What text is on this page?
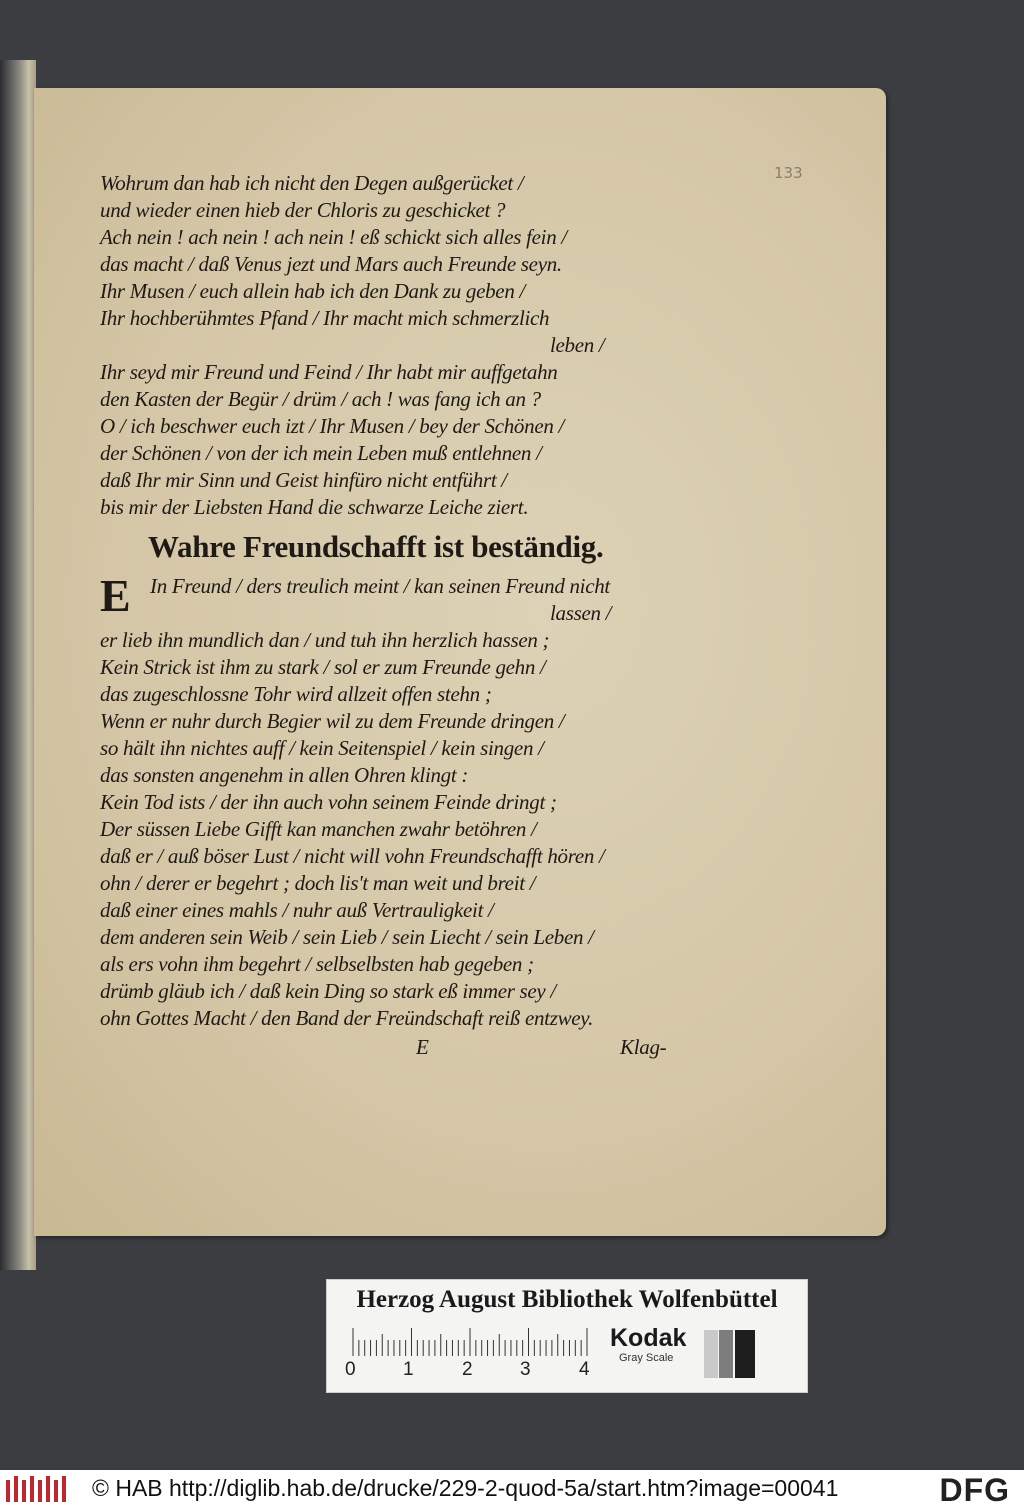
133
Wohrum dan hab ich nicht den Degen außgerücket /
und wieder einen hieb der Chloris zu geschicket ?
Ach nein ! ach nein ! ach nein ! eß schickt sich alles fein /
das macht / daß Venus jezt und Mars auch Freunde seyn.
Ihr Musen / euch allein hab ich den Dank zu geben /
Ihr hochberühmtes Pfand / Ihr macht mich schmerzlich
leben /
Ihr seyd mir Freund und Feind / Ihr habt mir auffgetahn
den Kasten der Begür / drüm / ach ! was fang ich an ?
O / ich beschwer euch izt / Ihr Musen / bey der Schönen /
der Schönen / von der ich mein Leben muß entlehnen /
daß Ihr mir Sinn und Geist hinfüro nicht entführt /
bis mir der Liebsten Hand die schwarze Leiche ziert.
Wahre Freundschafft ist beständig.
E In Freund / ders treulich meint / kan seinen Freund nicht
lassen /
er lieb ihn mundlich dan / und tuh ihn herzlich hassen ;
Kein Strick ist ihm zu stark / sol er zum Freunde gehn /
das zugeschlossne Tohr wird allzeit offen stehn ;
Wenn er nuhr durch Begier wil zu dem Freunde dringen /
so hält ihn nichtes auff / kein Seitenspiel / kein singen /
das sonsten angenehm in allen Ohren klingt :
Kein Tod ists / der ihn auch vohn seinem Feinde dringt ;
Der süssen Liebe Gifft kan manchen zwahr betöhren /
daß er / auß böser Lust / nicht will vohn Freundschafft hören /
ohn / derer er begehrt ; doch lis't man weit und breit /
daß einer eines mahls / nuhr auß Vertrauligkeit /
dem anderen sein Weib / sein Lieb / sein Liecht / sein Leben /
als ers vohn ihm begehrt / selbselbsten hab gegeben ;
drümb gläub ich / daß kein Ding so stark eß immer sey /
ohn Gottes Macht / den Band der Freündschaft reiß entzwey.
E	Klag-
Herzog August Bibliothek Wolfenbüttel
0 1	2 3	4
Kodak
Gray Scale
© HAB http://diglib.hab.de/drucke/229-2-quod-5a/start.htm?image=00041	DFG
